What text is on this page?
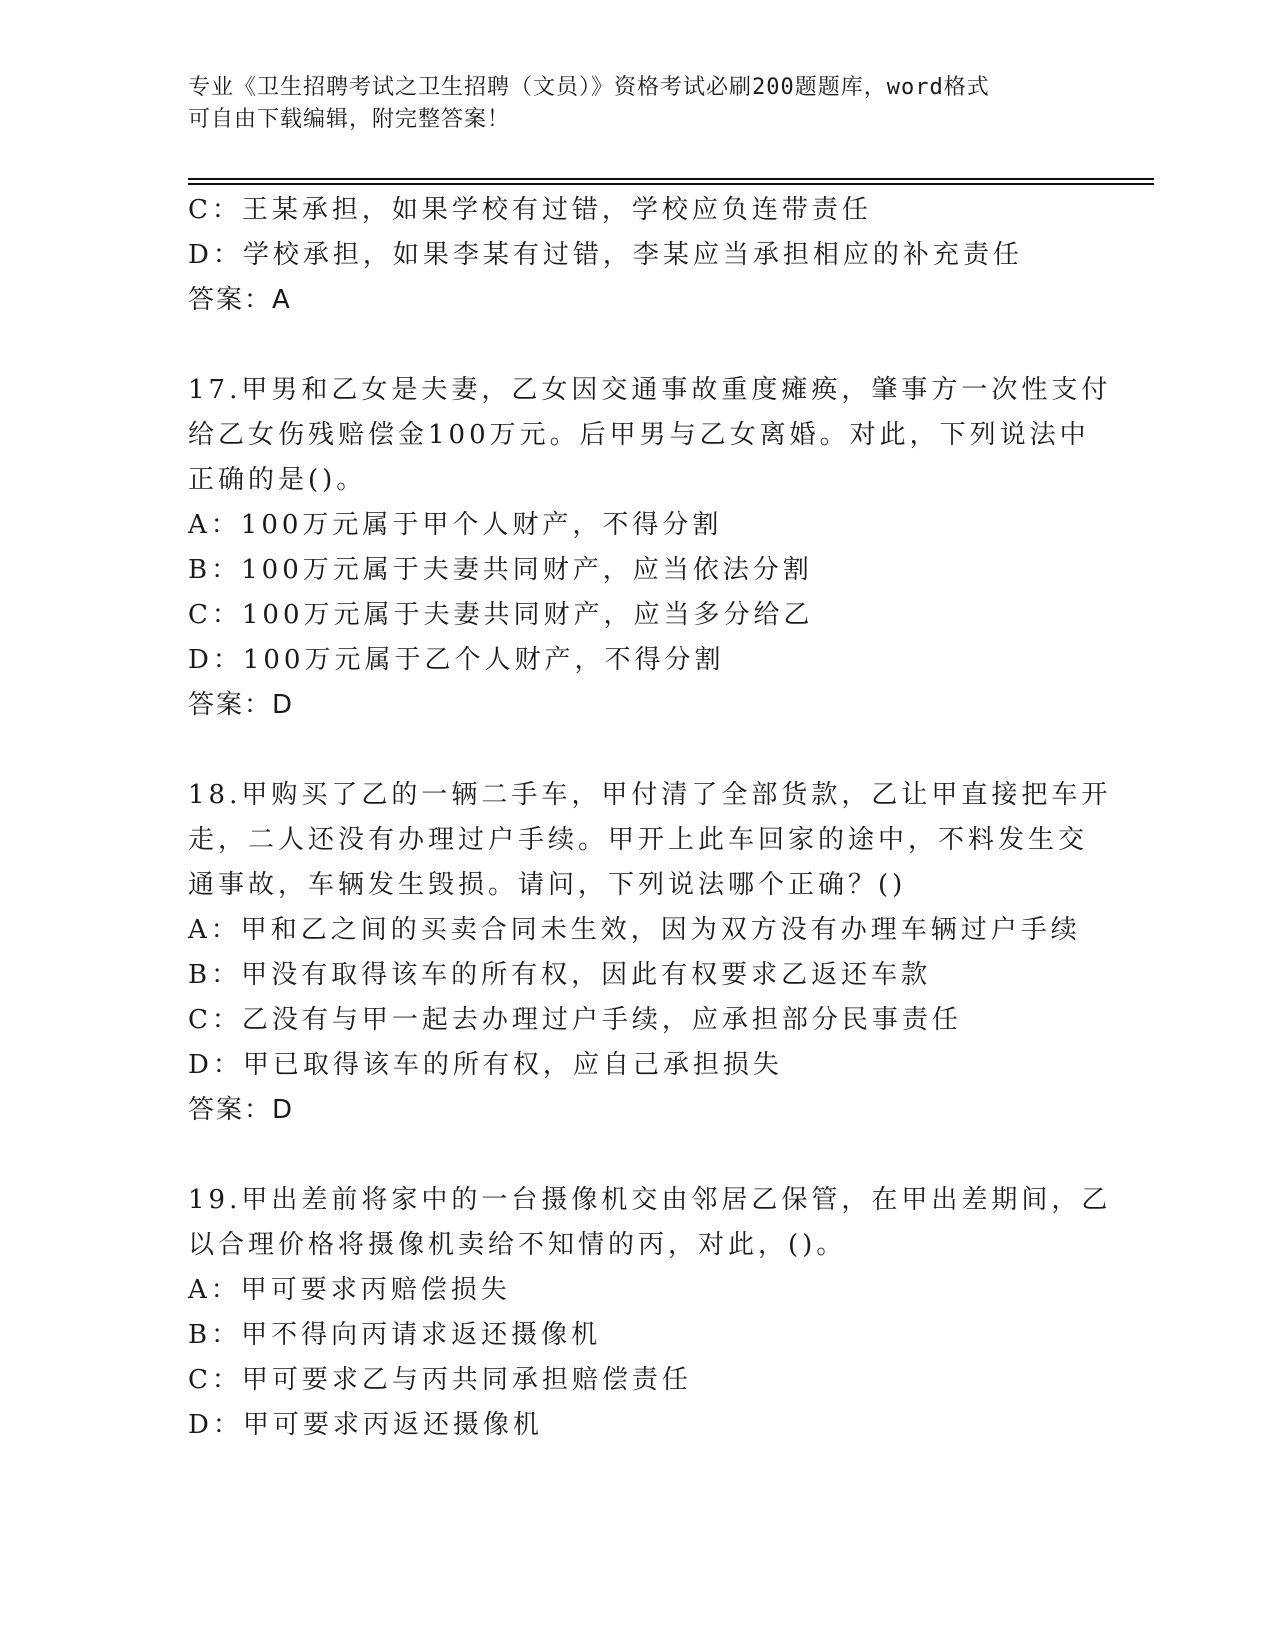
专业《卫生招聘考试之卫生招聘（文员）》资格考试必刷200题题库，word格式
可自由下载编辑，附完整答案！
C：王某承担，如果学校有过错，学校应负连带责任
D：学校承担，如果李某有过错，李某应当承担相应的补充责任
答案：A
17.甲男和乙女是夫妻，乙女因交通事故重度瘫痪，肇事方一次性支付
给乙女伤残赔偿金100万元。后甲男与乙女离婚。对此，下列说法中
正确的是()。
A：100万元属于甲个人财产，不得分割
B：100万元属于夫妻共同财产，应当依法分割
C：100万元属于夫妻共同财产，应当多分给乙
D：100万元属于乙个人财产，不得分割
答案：D
18.甲购买了乙的一辆二手车，甲付清了全部货款，乙让甲直接把车开
走，二人还没有办理过户手续。甲开上此车回家的途中，不料发生交
通事故，车辆发生毁损。请问，下列说法哪个正确？()
A：甲和乙之间的买卖合同未生效，因为双方没有办理车辆过户手续
B：甲没有取得该车的所有权，因此有权要求乙返还车款
C：乙没有与甲一起去办理过户手续，应承担部分民事责任
D：甲已取得该车的所有权，应自己承担损失
答案：D
19.甲出差前将家中的一台摄像机交由邻居乙保管，在甲出差期间，乙
以合理价格将摄像机卖给不知情的丙，对此，()。
A：甲可要求丙赔偿损失
B：甲不得向丙请求返还摄像机
C：甲可要求乙与丙共同承担赔偿责任
D：甲可要求丙返还摄像机
